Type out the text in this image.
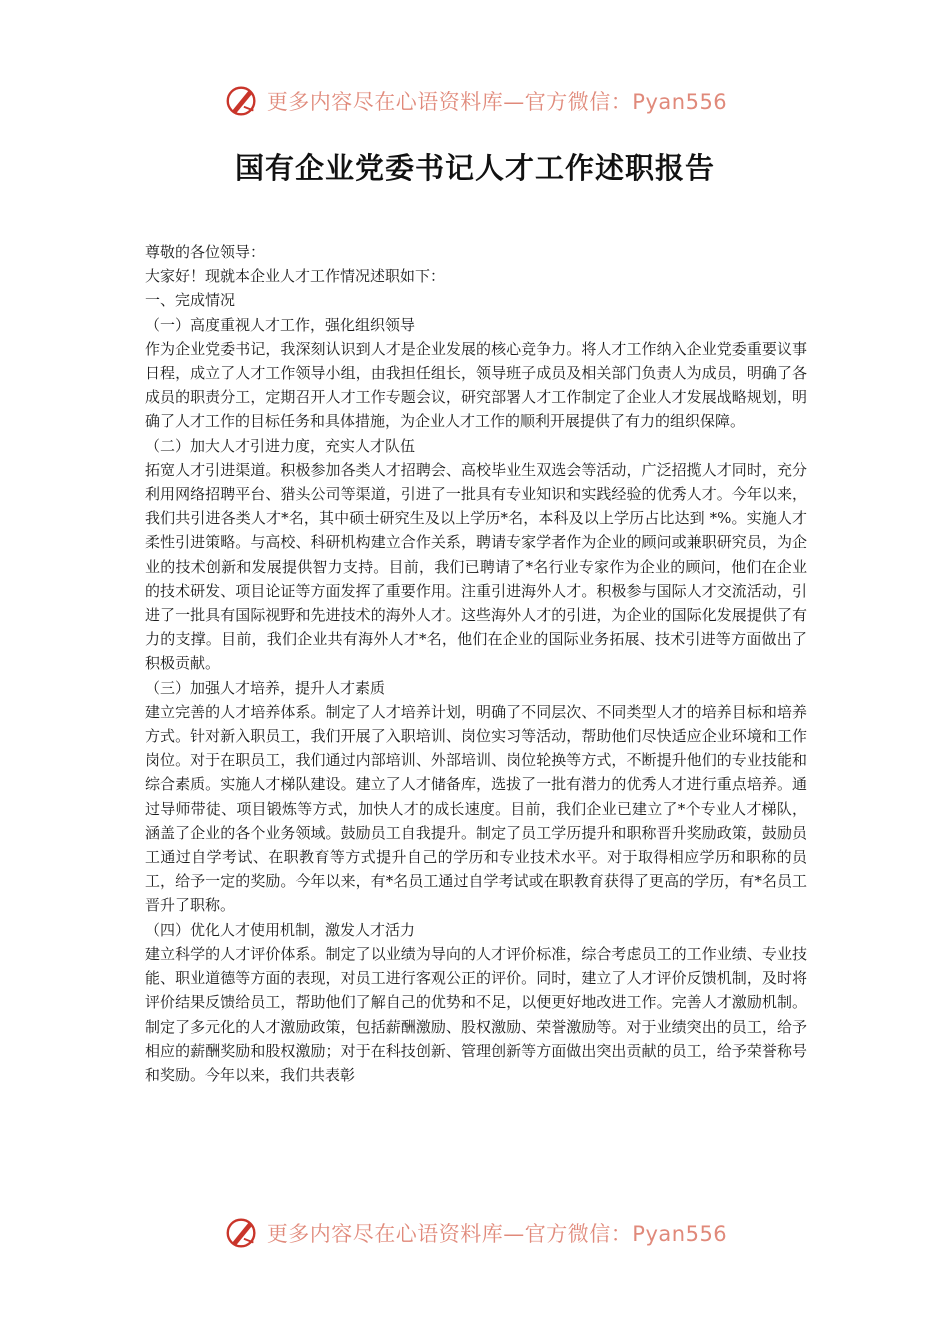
更多内容尽在心语资料库—官方微信：Pyan556
国有企业党委书记人才工作述职报告

尊敬的各位领导：

大家好！现就本企业人才工作情况述职如下：

一、完成情况

（一）高度重视人才工作，强化组织领导

作为企业党委书记，我深刻认识到人才是企业发展的核心竞争力。将人才工作纳入企业党委重要议事日程，成立了人才工作领导小组，由我担任组长，领导班子成员及相关部门负责人为成员，明确了各成员的职责分工，定期召开人才工作专题会议，研究部署人才工作制定了企业人才发展战略规划，明确了人才工作的目标任务和具体措施，为企业人才工作的顺利开展提供了有力的组织保障。

（二）加大人才引进力度，充实人才队伍

拓宽人才引进渠道。积极参加各类人才招聘会、高校毕业生双选会等活动，广泛招揽人才同时，充分利用网络招聘平台、猎头公司等渠道，引进了一批具有专业知识和实践经验的优秀人才。今年以来，我们共引进各类人才*名，其中硕士研究生及以上学历*名，本科及以上学历占比达到 *%。实施人才柔性引进策略。与高校、科研机构建立合作关系，聘请专家学者作为企业的顾问或兼职研究员，为企业的技术创新和发展提供智力支持。目前，我们已聘请了*名行业专家作为企业的顾问，他们在企业的技术研发、项目论证等方面发挥了重要作用。注重引进海外人才。积极参与国际人才交流活动，引进了一批具有国际视野和先进技术的海外人才。这些海外人才的引进，为企业的国际化发展提供了有力的支撑。目前，我们企业共有海外人才*名，他们在企业的国际业务拓展、技术引进等方面做出了积极贡献。

（三）加强人才培养，提升人才素质

建立完善的人才培养体系。制定了人才培养计划，明确了不同层次、不同类型人才的培养目标和培养方式。针对新入职员工，我们开展了入职培训、岗位实习等活动，帮助他们尽快适应企业环境和工作岗位。对于在职员工，我们通过内部培训、外部培训、岗位轮换等方式，不断提升他们的专业技能和综合素质。实施人才梯队建设。建立了人才储备库，选拔了一批有潜力的优秀人才进行重点培养。通过导师带徒、项目锻炼等方式，加快人才的成长速度。目前，我们企业已建立了*个专业人才梯队，涵盖了企业的各个业务领域。鼓励员工自我提升。制定了员工学历提升和职称晋升奖励政策，鼓励员工通过自学考试、在职教育等方式提升自己的学历和专业技术水平。对于取得相应学历和职称的员工，给予一定的奖励。今年以来，有*名员工通过自学考试或在职教育获得了更高的学历，有*名员工晋升了职称。

（四）优化人才使用机制，激发人才活力

建立科学的人才评价体系。制定了以业绩为导向的人才评价标准，综合考虑员工的工作业绩、专业技能、职业道德等方面的表现，对员工进行客观公正的评价。同时，建立了人才评价反馈机制，及时将评价结果反馈给员工，帮助他们了解自己的优势和不足，以便更好地改进工作。完善人才激励机制。制定了多元化的人才激励政策，包括薪酬激励、股权激励、荣誉激励等。对于业绩突出的员工，给予相应的薪酬奖励和股权激励；对于在科技创新、管理创新等方面做出突出贡献的员工，给予荣誉称号和奖励。今年以来，我们共表彰

更多内容尽在心语资料库—官方微信：Pyan556
